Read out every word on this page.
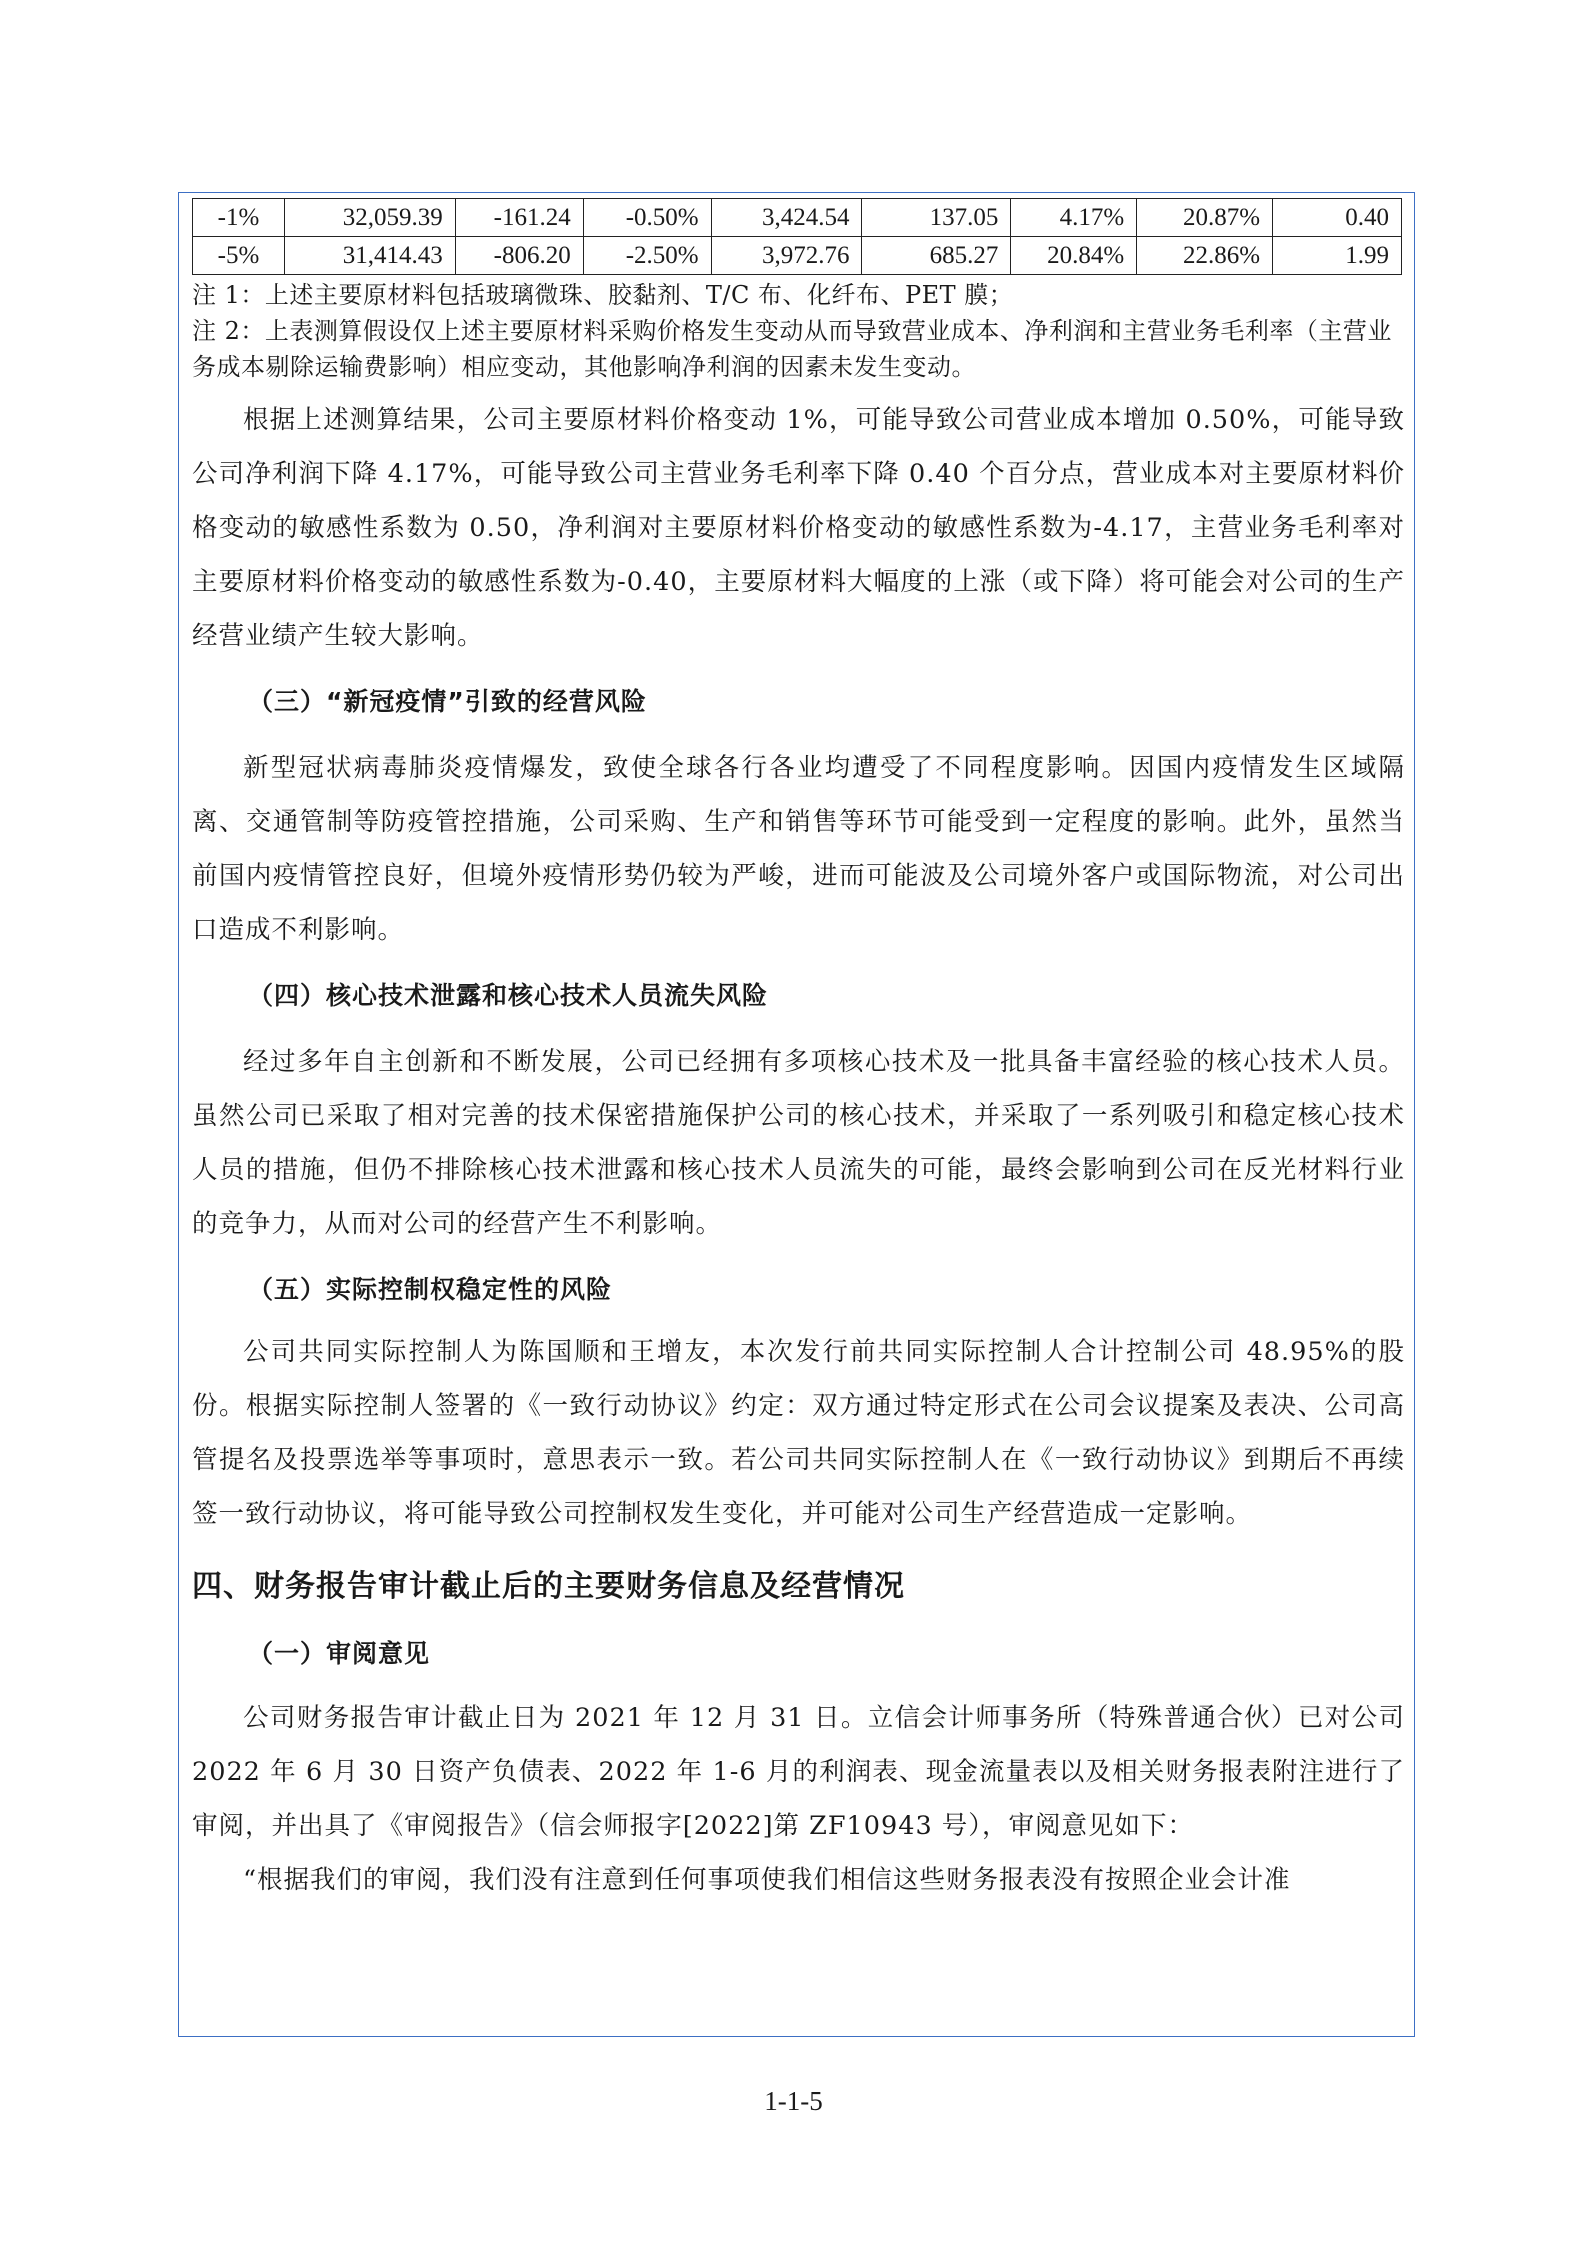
-1%	32,059.39	-161.24	-0.50%	3,424.54	137.05	4.17%	20.87%	0.40
-5%	31,414.43	-806.20	-2.50%	3,972.76	685.27	20.84%	22.86%	1.99

注 1：上述主要原材料包括玻璃微珠、胶黏剂、T/C 布、化纤布、PET 膜；

注 2：上表测算假设仅上述主要原材料采购价格发生变动从而导致营业成本、净利润和主营业务毛利率（主营业务成本剔除运输费影响）相应变动，其他影响净利润的因素未发生变动。

根据上述测算结果，公司主要原材料价格变动 1%，可能导致公司营业成本增加 0.50%，可能导致公司净利润下降 4.17%，可能导致公司主营业务毛利率下降 0.40 个百分点，营业成本对主要原材料价格变动的敏感性系数为 0.50，净利润对主要原材料价格变动的敏感性系数为-4.17，主营业务毛利率对主要原材料价格变动的敏感性系数为-0.40，主要原材料大幅度的上涨（或下降）将可能会对公司的生产经营业绩产生较大影响。

（三）“新冠疫情”引致的经营风险

新型冠状病毒肺炎疫情爆发，致使全球各行各业均遭受了不同程度影响。因国内疫情发生区域隔离、交通管制等防疫管控措施，公司采购、生产和销售等环节可能受到一定程度的影响。此外，虽然当前国内疫情管控良好，但境外疫情形势仍较为严峻，进而可能波及公司境外客户或国际物流，对公司出口造成不利影响。

（四）核心技术泄露和核心技术人员流失风险

经过多年自主创新和不断发展，公司已经拥有多项核心技术及一批具备丰富经验的核心技术人员。虽然公司已采取了相对完善的技术保密措施保护公司的核心技术，并采取了一系列吸引和稳定核心技术人员的措施，但仍不排除核心技术泄露和核心技术人员流失的可能，最终会影响到公司在反光材料行业的竞争力，从而对公司的经营产生不利影响。

（五）实际控制权稳定性的风险

公司共同实际控制人为陈国顺和王增友，本次发行前共同实际控制人合计控制公司 48.95%的股份。根据实际控制人签署的《一致行动协议》约定：双方通过特定形式在公司会议提案及表决、公司高管提名及投票选举等事项时，意思表示一致。若公司共同实际控制人在《一致行动协议》到期后不再续签一致行动协议，将可能导致公司控制权发生变化，并可能对公司生产经营造成一定影响。

四、财务报告审计截止后的主要财务信息及经营情况

（一）审阅意见

公司财务报告审计截止日为 2021 年 12 月 31 日。立信会计师事务所（特殊普通合伙）已对公司 2022 年 6 月 30 日资产负债表、2022 年 1-6 月的利润表、现金流量表以及相关财务报表附注进行了审阅，并出具了《审阅报告》（信会师报字[2022]第 ZF10943 号），审阅意见如下：

“根据我们的审阅，我们没有注意到任何事项使我们相信这些财务报表没有按照企业会计准

1-1-5
